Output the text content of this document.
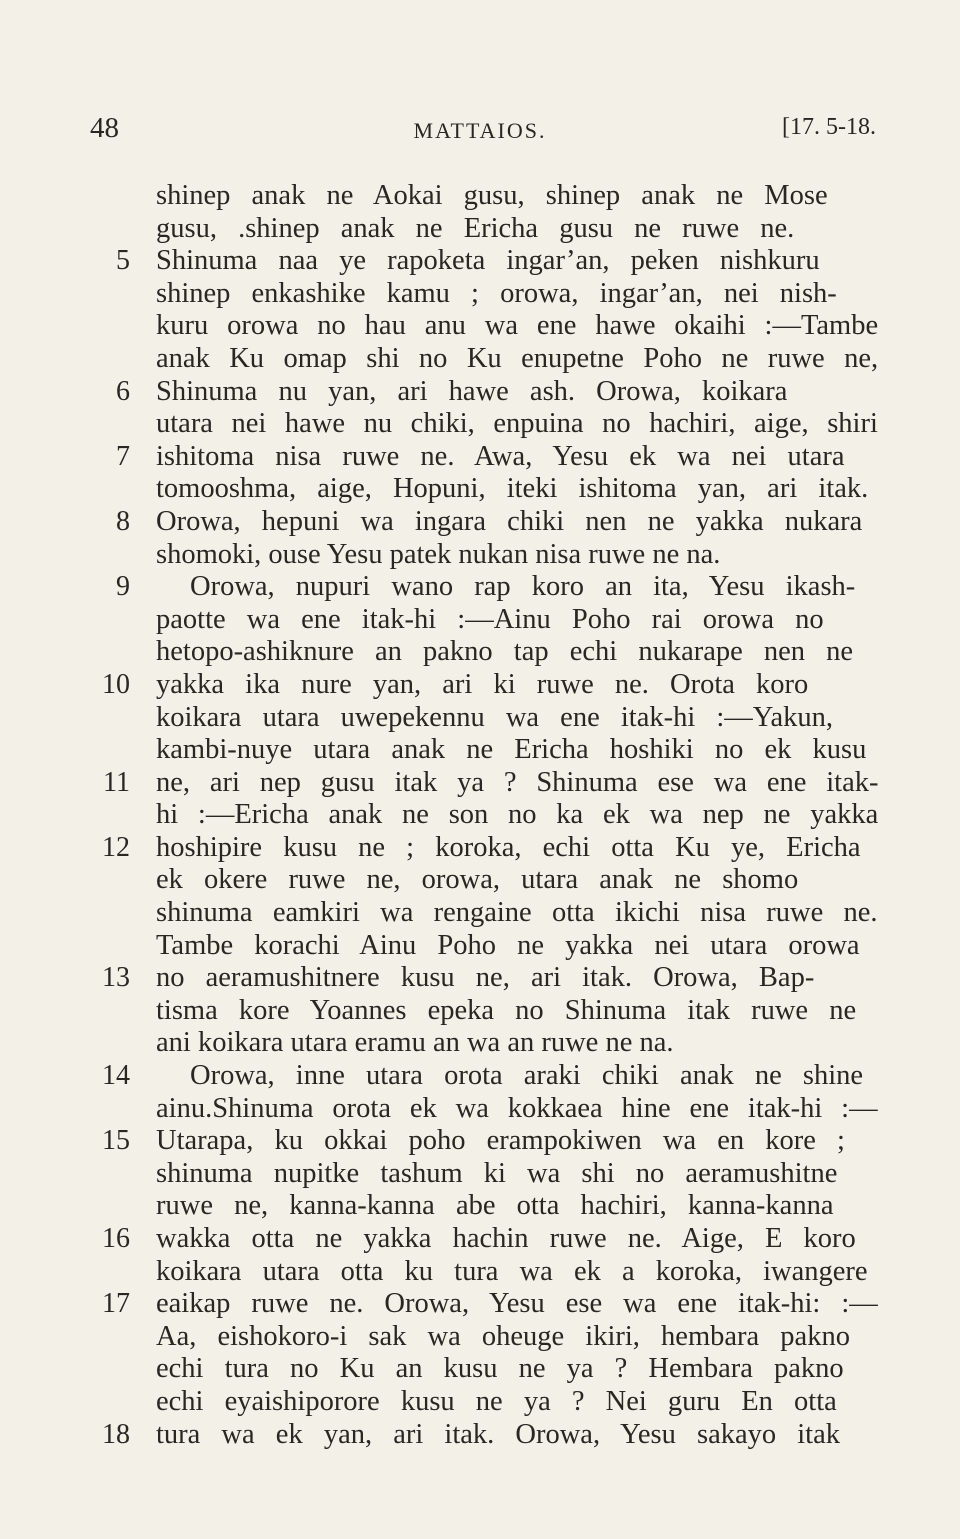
48	MATTAIOS.	[17. 5-18.
shinep anak ne Aokai gusu, shinep anak ne Mose
gusu, .shinep anak ne Ericha gusu ne ruwe ne.
5 Shinuma naa ye rapoketa ingar’an, peken nishkuru
shinep enkashike kamu ; orowa, ingar’an, nei nish-
kuru orowa no hau anu wa ene hawe okaihi :—Tambe
anak Ku omap shi no Ku enupetne Poho ne ruwe ne,
6 Shinuma nu yan, ari hawe ash. Orowa, koikara
utara nei hawe nu chiki, enpuina no hachiri, aige, shiri
7 ishitoma nisa ruwe ne. Awa, Yesu ek wa nei utara
tomooshma, aige, Hopuni, iteki ishitoma yan, ari itak.
8 Orowa, hepuni wa ingara chiki nen ne yakka nukara
shomoki, ouse Yesu patek nukan nisa ruwe ne na.
9 Orowa, nupuri wano rap koro an ita, Yesu ikash-
paotte wa ene itak-hi :—Ainu Poho rai orowa no
hetopo-ashiknure an pakno tap echi nukarape nen ne
10 yakka ika nure yan, ari ki ruwe ne. Orota koro
koikara utara uwepekennu wa ene itak-hi :—Yakun,
kambi-nuye utara anak ne Ericha hoshiki no ek kusu
11 ne, ari nep gusu itak ya ? Shinuma ese wa ene itak-
hi :—Ericha anak ne son no ka ek wa nep ne yakka
12 hoshipire kusu ne ; koroka, echi otta Ku ye, Ericha
ek okere ruwe ne, orowa, utara anak ne shomo
shinuma eamkiri wa rengaine otta ikichi nisa ruwe ne.
Tambe korachi Ainu Poho ne yakka nei utara orowa
13 no aeramushitnere kusu ne, ari itak. Orowa, Bap-
tisma kore Yoannes epeka no Shinuma itak ruwe ne
ani koikara utara eramu an wa an ruwe ne na.
14 Orowa, inne utara orota araki chiki anak ne shine
ainu.Shinuma orota ek wa kokkaea hine ene itak-hi :—
15 Utarapa, ku okkai poho erampokiwen wa en kore ;
shinuma nupitke tashum ki wa shi no aeramushitne
ruwe ne, kanna-kanna abe otta hachiri, kanna-kanna
16 wakka otta ne yakka hachin ruwe ne. Aige, E koro
koikara utara otta ku tura wa ek a koroka, iwangere
17 eaikap ruwe ne. Orowa, Yesu ese wa ene itak-hi: :—
Aa, eishokoro-i sak wa oheuge ikiri, hembara pakno
echi tura no Ku an kusu ne ya ? Hembara pakno
echi eyaishiporore kusu ne ya ? Nei guru En otta
18 tura wa ek yan, ari itak. Orowa, Yesu sakayo itak
